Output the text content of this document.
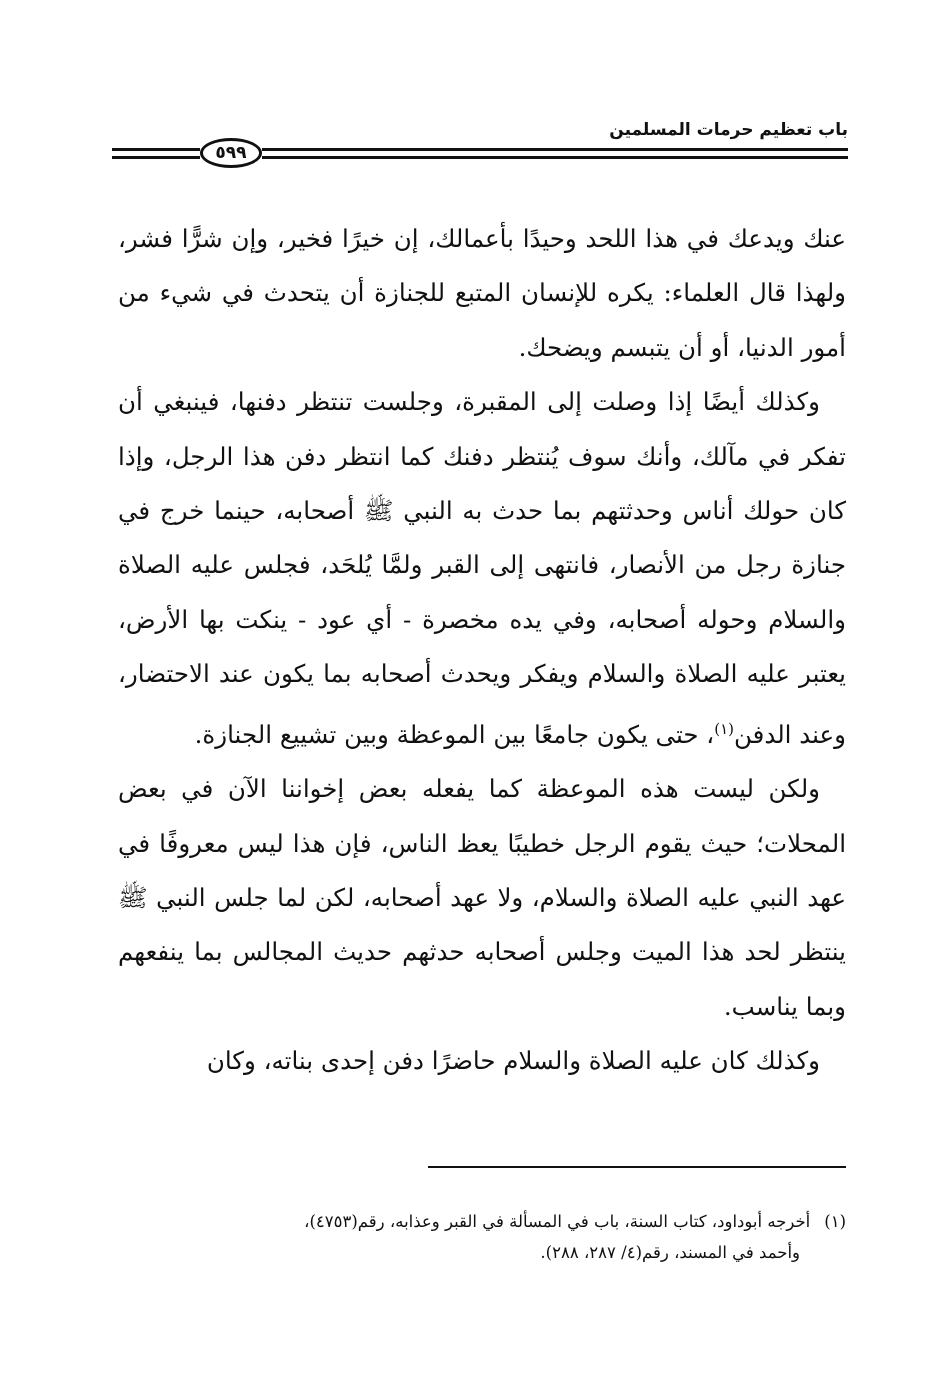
باب تعظيم حرمات المسلمين
٥٩٩

عنك ويدعك في هذا اللحد وحيدًا بأعمالك، إن خيرًا فخير، وإن شرًّا فشر، ولهذا قال العلماء: يكره للإنسان المتبع للجنازة أن يتحدث في شيء من أمور الدنيا، أو أن يتبسم ويضحك.

وكذلك أيضًا إذا وصلت إلى المقبرة، وجلست تنتظر دفنها، فينبغي أن تفكر في مآلك، وأنك سوف يُنتظر دفنك كما انتظر دفن هذا الرجل، وإذا كان حولك أناس وحدثتهم بما حدث به النبي ﷺ أصحابه، حينما خرج في جنازة رجل من الأنصار، فانتهى إلى القبر ولمَّا يُلحَد، فجلس عليه الصلاة والسلام وحوله أصحابه، وفي يده مخصرة - أي عود - ينكت بها الأرض، يعتبر عليه الصلاة والسلام ويفكر ويحدث أصحابه بما يكون عند الاحتضار، وعند الدفن$^{(١)}$، حتى يكون جامعًا بين الموعظة وبين تشييع الجنازة.

ولكن ليست هذه الموعظة كما يفعله بعض إخواننا الآن في بعض المحلات؛ حيث يقوم الرجل خطيبًا يعظ الناس، فإن هذا ليس معروفًا في عهد النبي عليه الصلاة والسلام، ولا عهد أصحابه، لكن لما جلس النبي ﷺ ينتظر لحد هذا الميت وجلس أصحابه حدثهم حديث المجالس بما ينفعهم وبما يناسب.

وكذلك كان عليه الصلاة والسلام حاضرًا دفن إحدى بناته، وكان

(١)أخرجه أبوداود، كتاب السنة، باب في المسألة في القبر وعذابه، رقم(٤٧٥٣)،
وأحمد في المسند، رقم(٤/ ٢٨٧، ٢٨٨).
